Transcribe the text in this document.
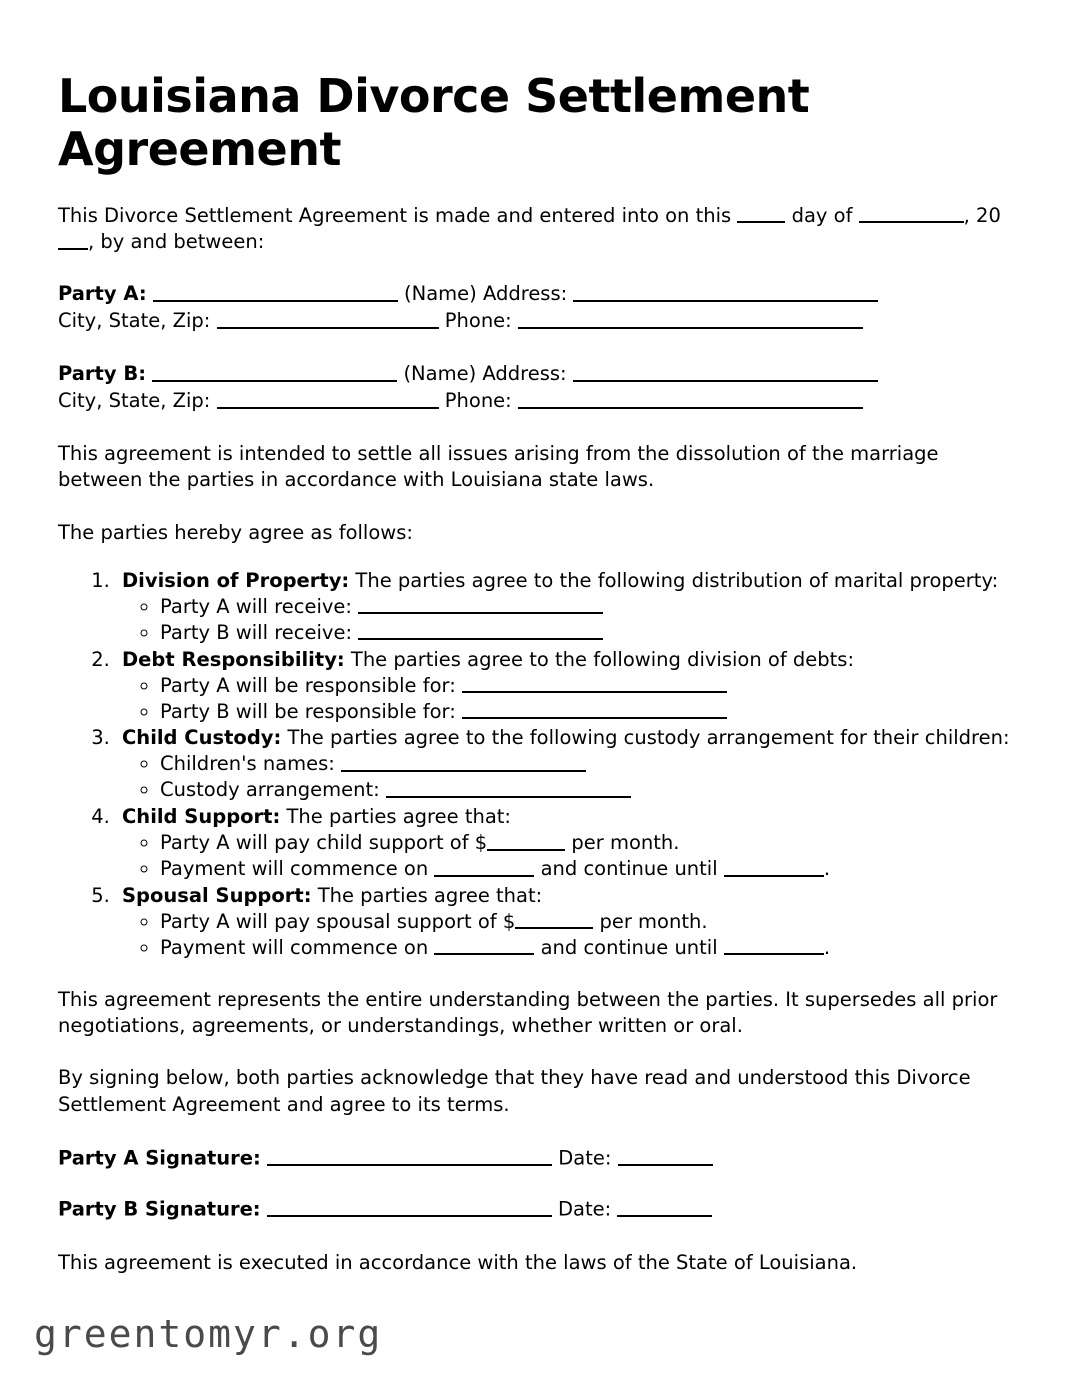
Louisiana Divorce Settlement Agreement

This Divorce Settlement Agreement is made and entered into on this  day of	, 20, by and between:

Party A:	(Name) Address:
City, State, Zip:	Phone:
Party B:	(Name) Address:
City, State, Zip:	Phone:

This agreement is intended to settle all issues arising from the dissolution of the marriage between the parties in accordance with Louisiana state laws.

The parties hereby agree as follows:

1. Division of Property: The parties agree to the following distribution of marital property:
◦ Party A will receive:
◦ Party B will receive:
2. Debt Responsibility: The parties agree to the following division of debts:
◦ Party A will be responsible for:
◦ Party B will be responsible for:
3. Child Custody: The parties agree to the following custody arrangement for their children:
◦ Children's names:
◦ Custody arrangement:
4. Child Support: The parties agree that:
◦ Party A will pay child support of $	per month.
◦ Payment will commence on	and continue until	.
5. Spousal Support: The parties agree that:
◦ Party A will pay spousal support of $	per month.
◦ Payment will commence on	and continue until	.

This agreement represents the entire understanding between the parties. It supersedes all prior negotiations, agreements, or understandings, whether written or oral.

By signing below, both parties acknowledge that they have read and understood this Divorce Settlement Agreement and agree to its terms.

Party A Signature:	Date:
Party B Signature:	Date:

This agreement is executed in accordance with the laws of the State of Louisiana.

greentomyr.org
